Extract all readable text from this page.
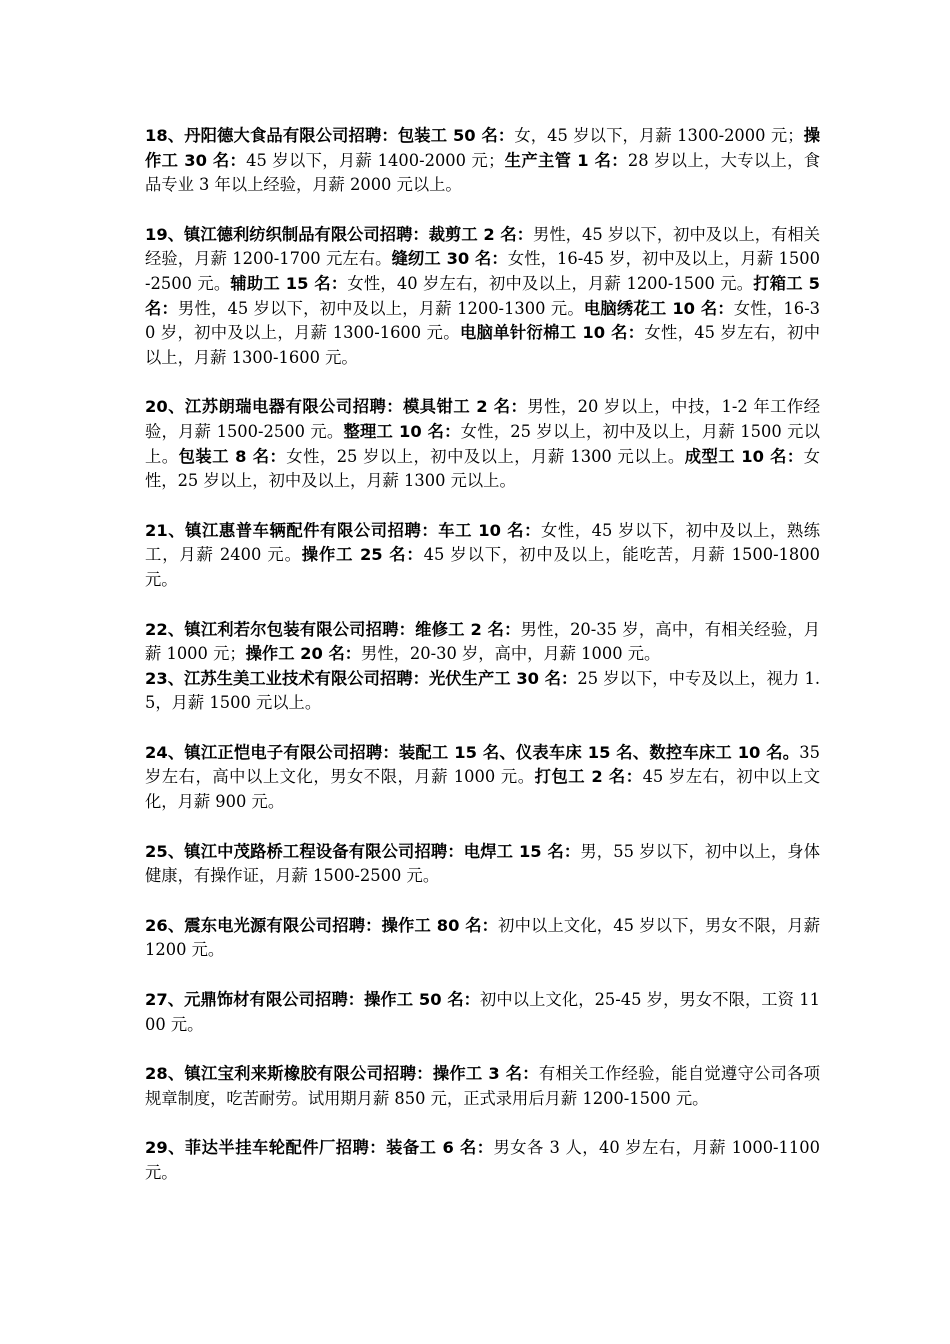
18、丹阳德大食品有限公司招聘：包装工 50 名：女，45 岁以下，月薪 1300-2000 元；操作工 30 名：45 岁以下，月薪 1400-2000 元；生产主管 1 名：28 岁以上，大专以上，食品专业 3 年以上经验，月薪 2000 元以上。

19、镇江德利纺织制品有限公司招聘：裁剪工 2 名：男性，45 岁以下，初中及以上，有相关经验，月薪 1200-1700 元左右。缝纫工 30 名：女性，16-45 岁，初中及以上，月薪 1500-2500 元。辅助工 15 名：女性，40 岁左右，初中及以上，月薪 1200-1500 元。打箱工 5 名：男性，45 岁以下，初中及以上，月薪 1200-1300 元。电脑绣花工 10 名：女性，16-30 岁，初中及以上，月薪 1300-1600 元。电脑单针衍棉工 10 名：女性，45 岁左右，初中以上，月薪 1300-1600 元。

20、江苏朗瑞电器有限公司招聘：模具钳工 2 名：男性，20 岁以上，中技，1-2 年工作经验，月薪 1500-2500 元。整理工 10 名：女性，25 岁以上，初中及以上，月薪 1500 元以上。包装工 8 名：女性，25 岁以上，初中及以上，月薪 1300 元以上。成型工 10 名：女性，25 岁以上，初中及以上，月薪 1300 元以上。

21、镇江惠普车辆配件有限公司招聘：车工 10 名：女性，45 岁以下，初中及以上，熟练工，月薪 2400 元。操作工 25 名：45 岁以下，初中及以上，能吃苦，月薪 1500-1800 元。

22、镇江利若尔包装有限公司招聘：维修工 2 名：男性，20-35 岁，高中，有相关经验，月薪 1000 元；操作工 20 名：男性，20-30 岁，高中，月薪 1000 元。

23、江苏生美工业技术有限公司招聘：光伏生产工 30 名：25 岁以下，中专及以上，视力 1.5，月薪 1500 元以上。

24、镇江正恺电子有限公司招聘：装配工 15 名、仪表车床 15 名、数控车床工 10 名。35 岁左右，高中以上文化，男女不限，月薪 1000 元。打包工 2 名：45 岁左右，初中以上文化，月薪 900 元。

25、镇江中茂路桥工程设备有限公司招聘：电焊工 15 名：男，55 岁以下，初中以上，身体健康，有操作证，月薪 1500-2500 元。

26、震东电光源有限公司招聘：操作工 80 名：初中以上文化，45 岁以下，男女不限，月薪 1200 元。

27、元鼎饰材有限公司招聘：操作工 50 名：初中以上文化，25-45 岁，男女不限，工资 1100 元。

28、镇江宝利来斯橡胶有限公司招聘：操作工 3 名：有相关工作经验，能自觉遵守公司各项规章制度，吃苦耐劳。试用期月薪 850 元，正式录用后月薪 1200-1500 元。

29、菲达半挂车轮配件厂招聘：装备工 6 名：男女各 3 人，40 岁左右，月薪 1000-1100 元。
